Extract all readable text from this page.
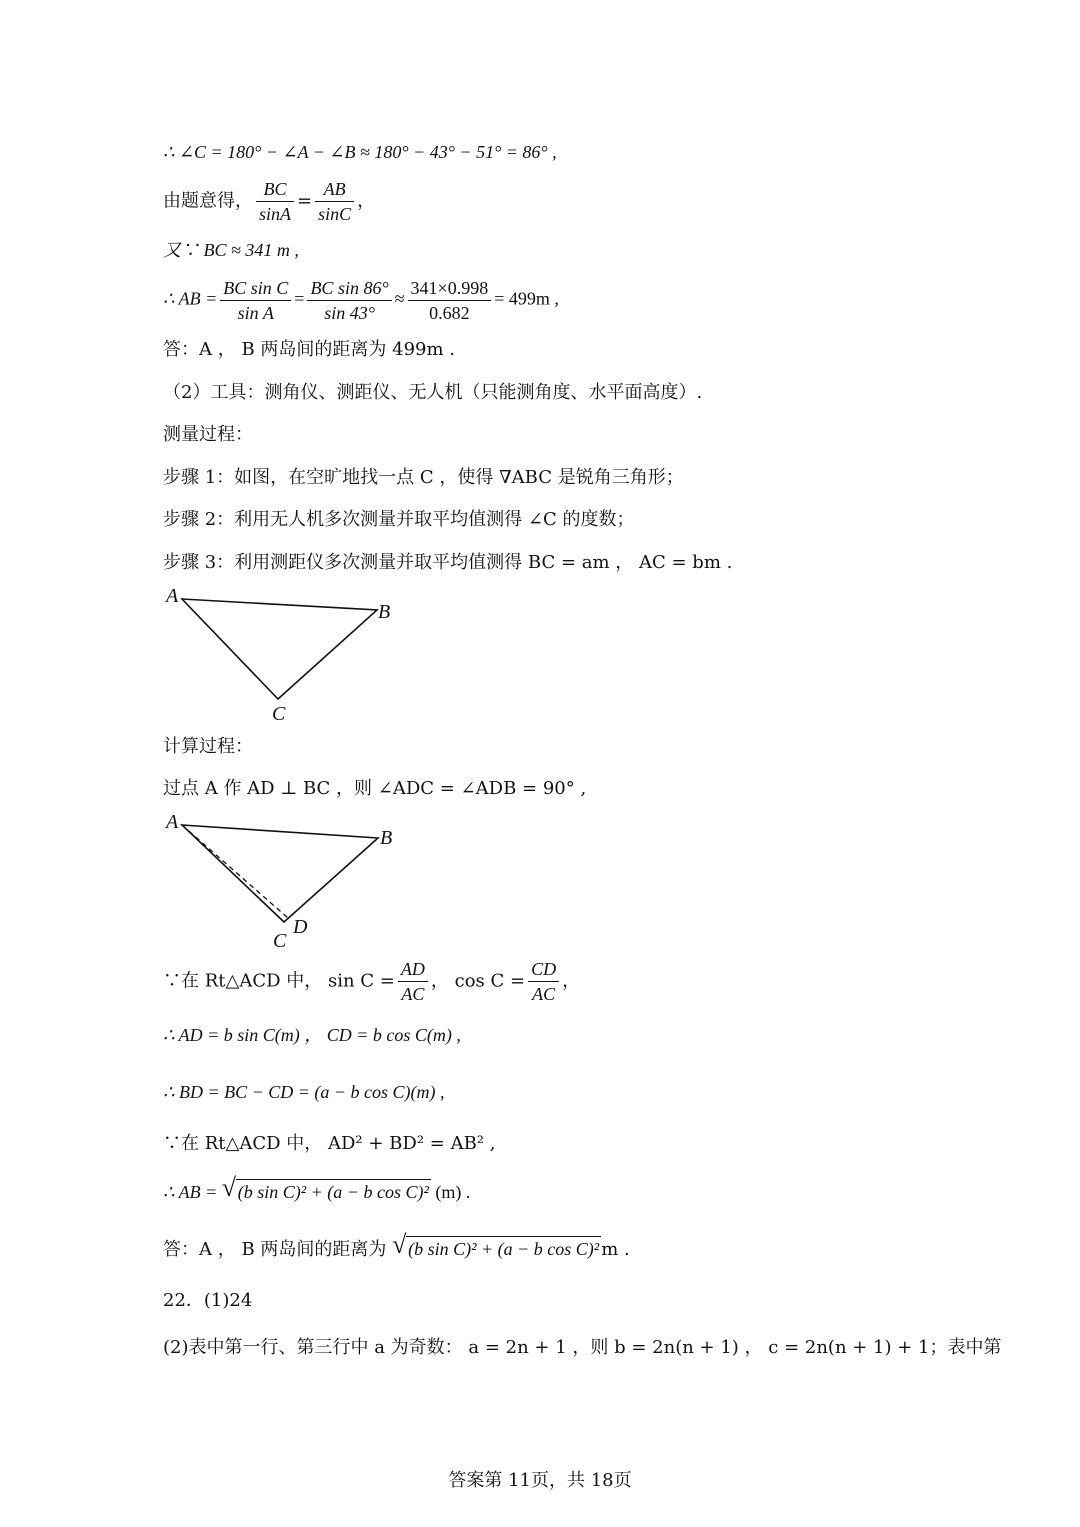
∴ ∠C = 180° − ∠A − ∠B ≈ 180° − 43° − 51° = 86° ,
由题意得， $\frac{BC}{\sin A} = \frac{AB}{\sin C}$ ，
又∵ BC ≈ 341 m ,
∴ AB = $\frac{\text{BC sin C}}{\text{sin A}} = \frac{\text{BC sin 86°}}{\sin 43^\circ} \approx \frac{341\times 0.998}{0.682} = 499m$ ,
答：A ， B 两岛间的距离为 499m .
（2）工具：测角仪、测距仪、无人机（只能测角度、水平面高度）.
测量过程：
步骤 1：如图，在空旷地找一点 C ，使得 ∇ABC 是锐角三角形；
步骤 2：利用无人机多次测量并取平均值测得 ∠C 的度数；
步骤 3：利用测距仪多次测量并取平均值测得 BC = am ， AC = bm .
A
B
C
计算过程：
过点 A 作 AD ⊥ BC ，则 ∠ADC = ∠ADB = 90° ,
A
B
C
D
∵在 Rt△ACD 中， $\sin C = \frac{AD}{AC}$ ， $\cos C = \frac{CD}{AC}$ ，
∴ AD = b sin C(m) ， CD = b cos C(m) ,
∴ BD = BC − CD = (a − b cos C)(m) ,
∵在 Rt△ACD 中， AD² + BD² = AB² ,
∴ AB = √ (b sin C)² + (a − b cos C)² (m) .
答：A ， B 两岛间的距离为 √ (b sin C)² + (a − b cos C)² m .
22．(1)24
(2)表中第一行、第三行中 a 为奇数： a = 2n + 1 ，则 b = 2n(n + 1) ， c = 2n(n + 1) + 1；表中第
答案第 11页，共 18页
